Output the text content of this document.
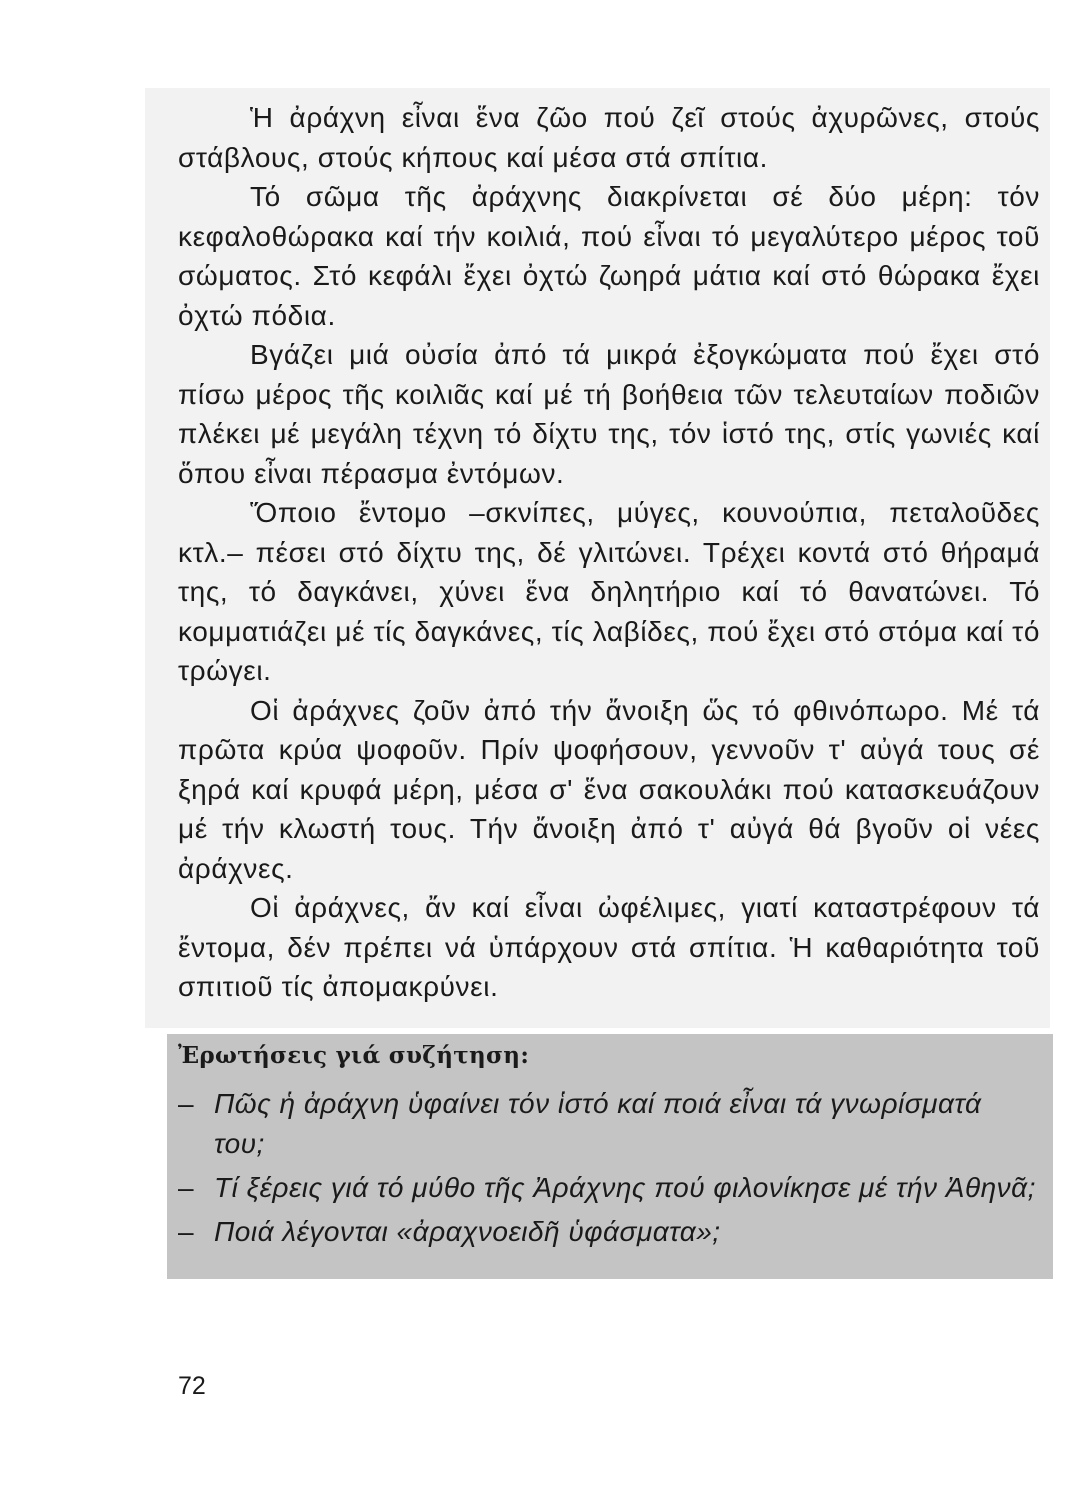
Ἡ ἀράχνη εἶναι ἕνα ζῶο πού ζεῖ στούς ἀχυρῶνες, στούς στάβλους, στούς κήπους καί μέσα στά σπίτια.

Τό σῶμα τῆς ἀράχνης διακρίνεται σέ δύο μέρη: τόν κεφαλοθώρακα καί τήν κοιλιά, πού εἶναι τό μεγαλύτερο μέρος τοῦ σώματος. Στό κεφάλι ἔχει ὀχτώ ζωηρά μάτια καί στό θώρακα ἔχει ὀχτώ πόδια.

Βγάζει μιά οὐσία ἀπό τά μικρά ἐξογκώματα πού ἔχει στό πίσω μέρος τῆς κοιλιᾶς καί μέ τή βοήθεια τῶν τελευταίων ποδιῶν πλέκει μέ μεγάλη τέχνη τό δίχτυ της, τόν ἱστό της, στίς γωνιές καί ὅπου εἶναι πέρασμα ἐντόμων.

Ὅποιο ἔντομο –σκνίπες, μύγες, κουνούπια, πεταλοῦδες κτλ.– πέσει στό δίχτυ της, δέ γλιτώνει. Τρέχει κοντά στό θήραμά της, τό δαγκάνει, χύνει ἕνα δηλητήριο καί τό θανατώνει. Τό κομματιάζει μέ τίς δαγκάνες, τίς λαβίδες, πού ἔχει στό στόμα καί τό τρώγει.

Οἱ ἀράχνες ζοῦν ἀπό τήν ἄνοιξη ὥς τό φθινόπωρο. Μέ τά πρῶτα κρύα ψοφοῦν. Πρίν ψοφήσουν, γεννοῦν τ' αὐγά τους σέ ξηρά καί κρυφά μέρη, μέσα σ' ἕνα σακουλάκι πού κατασκευάζουν μέ τήν κλωστή τους. Τήν ἄνοιξη ἀπό τ' αὐγά θά βγοῦν οἱ νέες ἀράχνες.

Οἱ ἀράχνες, ἄν καί εἶναι ὠφέλιμες, γιατί καταστρέφουν τά ἔντομα, δέν πρέπει νά ὑπάρχουν στά σπίτια. Ἡ καθαριότητα τοῦ σπιτιοῦ τίς ἀπομακρύνει.

Ἐρωτήσεις γιά συζήτηση:

– Πῶς ἡ ἀράχνη ὑφαίνει τόν ἱστό καί ποιά εἶναι τά γνωρίσματά του;
– Τί ξέρεις γιά τό μύθο τῆς Ἀράχνης πού φιλονίκησε μέ τήν Ἀθηνᾶ;
– Ποιά λέγονται «ἀραχνοειδῆ ὑφάσματα»;

72
